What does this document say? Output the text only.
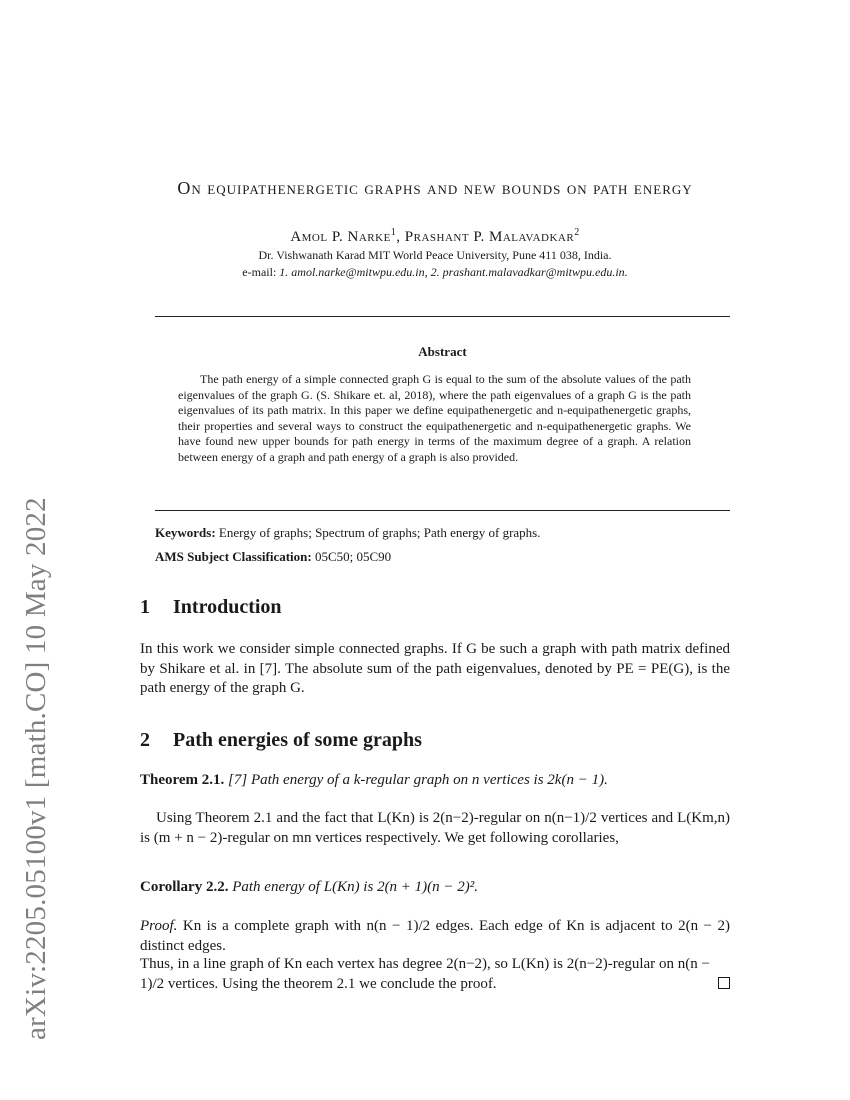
arXiv:2205.05100v1 [math.CO] 10 May 2022
On equipathenergetic graphs and new bounds on path energy
Amol P. Narke$^1$, Prashant P. Malavadkar$^2$
Dr. Vishwanath Karad MIT World Peace University, Pune 411 038, India.
e-mail: 1. amol.narke@mitwpu.edu.in, 2. prashant.malavadkar@mitwpu.edu.in.
Abstract
The path energy of a simple connected graph G is equal to the sum of the absolute values of the path eigenvalues of the graph G. (S. Shikare et. al, 2018), where the path eigenvalues of a graph G is the path eigenvalues of its path matrix. In this paper we define equipathenergetic and n-equipathenergetic graphs, their properties and several ways to construct the equipathenergetic and n-equipathenergetic graphs. We have found new upper bounds for path energy in terms of the maximum degree of a graph. A relation between energy of a graph and path energy of a graph is also provided.
Keywords: Energy of graphs; Spectrum of graphs; Path energy of graphs.
AMS Subject Classification: 05C50; 05C90
1 Introduction
In this work we consider simple connected graphs. If G be such a graph with path matrix defined by Shikare et al. in [7]. The absolute sum of the path eigenvalues, denoted by PE = PE(G), is the path energy of the graph G.
2 Path energies of some graphs
Theorem 2.1. [7] Path energy of a k-regular graph on n vertices is 2k(n − 1).
Using Theorem 2.1 and the fact that L(Kn) is 2(n−2)-regular on n(n−1)/2 vertices and L(Km,n) is (m + n − 2)-regular on mn vertices respectively. We get following corollaries,
Corollary 2.2. Path energy of L(Kn) is 2(n + 1)(n − 2)².
Proof. Kn is a complete graph with n(n − 1)/2 edges. Each edge of Kn is adjacent to 2(n − 2) distinct edges.
Thus, in a line graph of Kn each vertex has degree 2(n−2), so L(Kn) is 2(n−2)-regular on n(n − 1)/2 vertices. Using the theorem 2.1 we conclude the proof.
